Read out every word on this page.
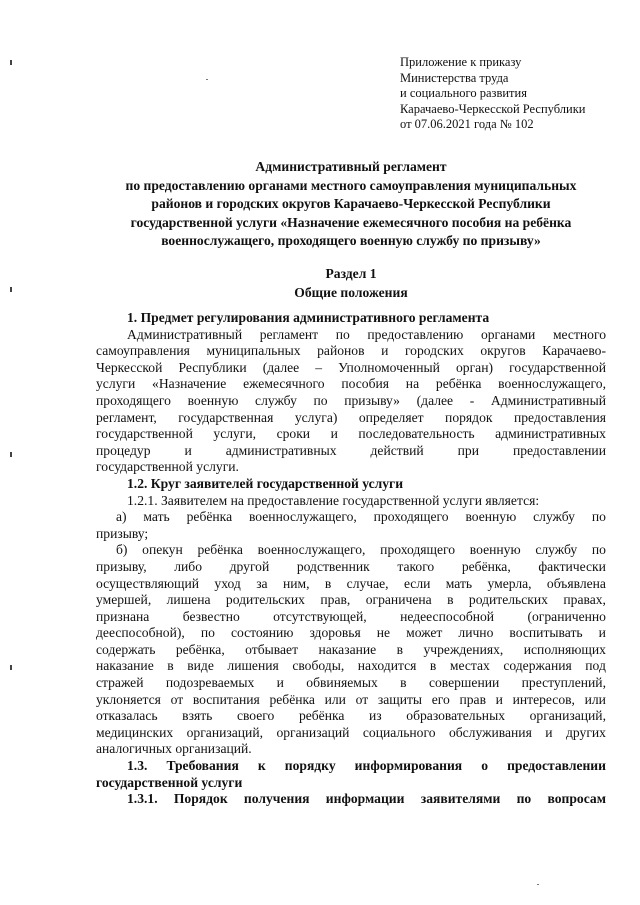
Приложение к приказу
Министерства труда
и социального развития
Карачаево-Черкесской Республики
от 07.06.2021 года № 102
Административный регламент
по предоставлению органами местного самоуправления муниципальных
районов и городских округов Карачаево-Черкесской Республики
государственной услуги «Назначение ежемесячного пособия на ребёнка
военнослужащего, проходящего военную службу по призыву»
Раздел 1
Общие положения
1. Предмет регулирования административного регламента
Административный регламент по предоставлению органами местного
самоуправления муниципальных районов и городских округов Карачаево-
Черкесской Республики (далее – Уполномоченный орган) государственной
услуги «Назначение ежемесячного пособия на ребёнка военнослужащего,
проходящего военную службу по призыву» (далее - Административный
регламент, государственная услуга) определяет порядок предоставления
государственной услуги, сроки и последовательность административных
процедур и административных действий при предоставлении
государственной услуги.
1.2. Круг заявителей государственной услуги
1.2.1. Заявителем на предоставление государственной услуги является:
а) мать ребёнка военнослужащего, проходящего военную службу по
призыву;
б) опекун ребёнка военнослужащего, проходящего военную службу по
призыву, либо другой родственник такого ребёнка, фактически
осуществляющий уход за ним, в случае, если мать умерла, объявлена
умершей, лишена родительских прав, ограничена в родительских правах,
признана безвестно отсутствующей, недееспособной (ограниченно
дееспособной), по состоянию здоровья не может лично воспитывать и
содержать ребёнка, отбывает наказание в учреждениях, исполняющих
наказание в виде лишения свободы, находится в местах содержания под
стражей подозреваемых и обвиняемых в совершении преступлений,
уклоняется от воспитания ребёнка или от защиты его прав и интересов, или
отказалась взять своего ребёнка из образовательных организаций,
медицинских организаций, организаций социального обслуживания и других
аналогичных организаций.
1.3. Требования к порядку информирования о предоставлении
государственной услуги
1.3.1. Порядок получения информации заявителями по вопросам
